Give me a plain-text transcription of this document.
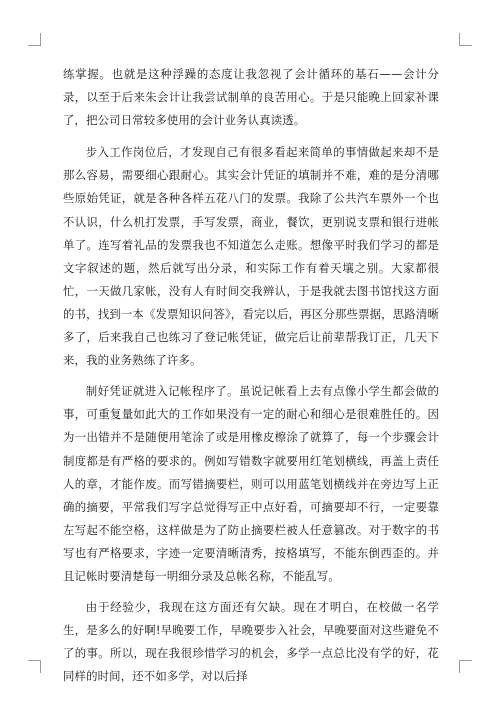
练掌握。也就是这种浮躁的态度让我忽视了会计循环的基石——会计分录，以至于后来朱会计让我尝试制单的良苦用心。于是只能晚上回家补课了，把公司日常较多使用的会计业务认真读透。

步入工作岗位后，才发现自己有很多看起来简单的事情做起来却不是那么容易，需要细心跟耐心。其实会计凭证的填制并不难，难的是分清哪些原始凭证，就是各种各样五花八门的发票。我除了公共汽车票外一个也不认识，什么机打发票，手写发票，商业，餐饮，更别说支票和银行进帐单了。连写着礼品的发票我也不知道怎么走账。想像平时我们学习的都是文字叙述的题，然后就写出分录，和实际工作有着天壤之别。大家都很忙，一天做几家帐，没有人有时间交我辨认，于是我就去图书馆找这方面的书，找到一本《发票知识问答》，看完以后，再区分那些票据，思路清晰多了，后来我自己也练习了登记帐凭证，做完后让前辈帮我订正，几天下来，我的业务熟练了许多。

制好凭证就进入记帐程序了。虽说记帐看上去有点像小学生都会做的事，可重复量如此大的工作如果没有一定的耐心和细心是很难胜任的。因为一出错并不是随便用笔涂了或是用橡皮檫涂了就算了，每一个步骤会计制度都是有严格的要求的。例如写错数字就要用红笔划横线，再盖上责任人的章，才能作废。而写错摘要栏，则可以用蓝笔划横线并在旁边写上正确的摘要，平常我们写字总觉得写正中点好看，可摘要却不行，一定要靠左写起不能空格，这样做是为了防止摘要栏被人任意篡改。对于数字的书写也有严格要求，字迹一定要清晰清秀，按格填写，不能东倒西歪的。并且记帐时要清楚每一明细分录及总帐名称，不能乱写。

由于经验少，我现在这方面还有欠缺。现在才明白，在校做一名学生，是多么的好啊!早晚要工作，早晚要步入社会，早晚要面对这些避免不了的事。所以，现在我很珍惜学习的机会，多学一点总比没有学的好，花同样的时间，还不如多学，对以后择
